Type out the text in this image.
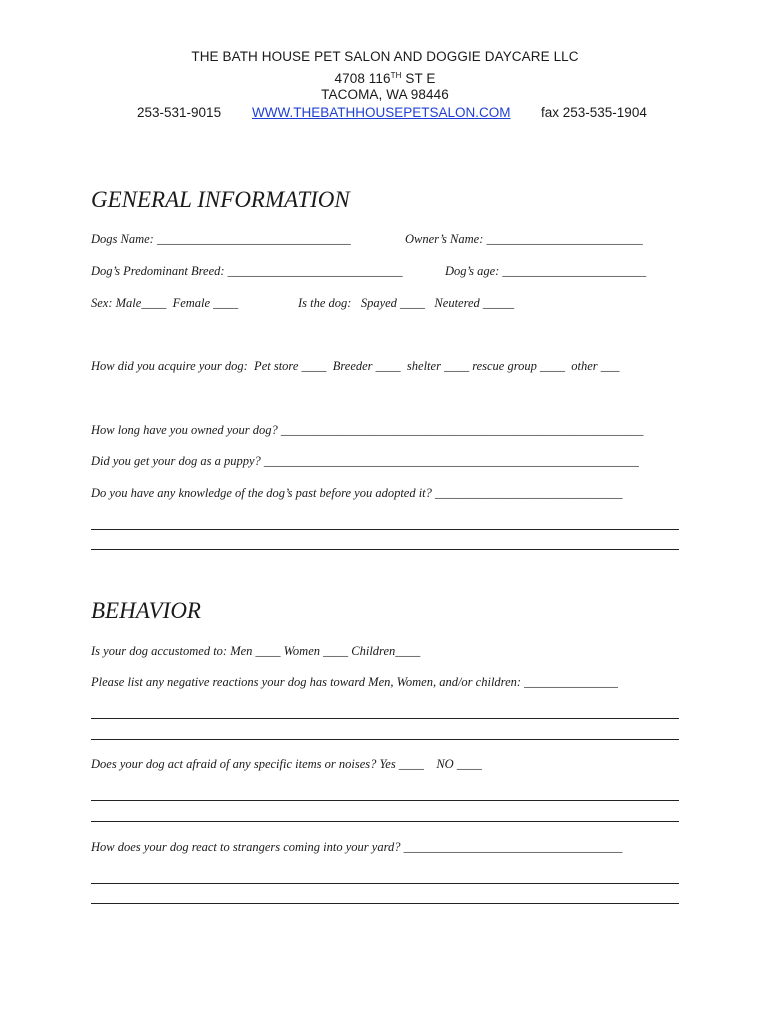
THE BATH HOUSE PET SALON AND DOGGIE DAYCARE LLC
4708 116TH ST E
TACOMA, WA 98446
253-531-9015 WWW.THEBATHHOUSEPETSALON.COM fax 253-535-1904
GENERAL INFORMATION
Dogs Name: _______________________________	Owner’s Name: _________________________
Dog’s Predominant Breed: ____________________________	Dog’s age: _______________________
Sex: Male____  Female ____	Is the dog:   Spayed ____   Neutered _____
How did you acquire your dog:  Pet store ____  Breeder ____  shelter ____ rescue group ____  other ___
How long have you owned your dog? __________________________________________________________
Did you get your dog as a puppy? ____________________________________________________________
Do you have any knowledge of the dog’s past before you adopted it? ______________________________
BEHAVIOR
Is your dog accustomed to: Men ____ Women ____ Children____
Please list any negative reactions your dog has toward Men, Women, and/or children: _______________
Does your dog act afraid of any specific items or noises? Yes ____    NO ____
How does your dog react to strangers coming into your yard? ___________________________________
